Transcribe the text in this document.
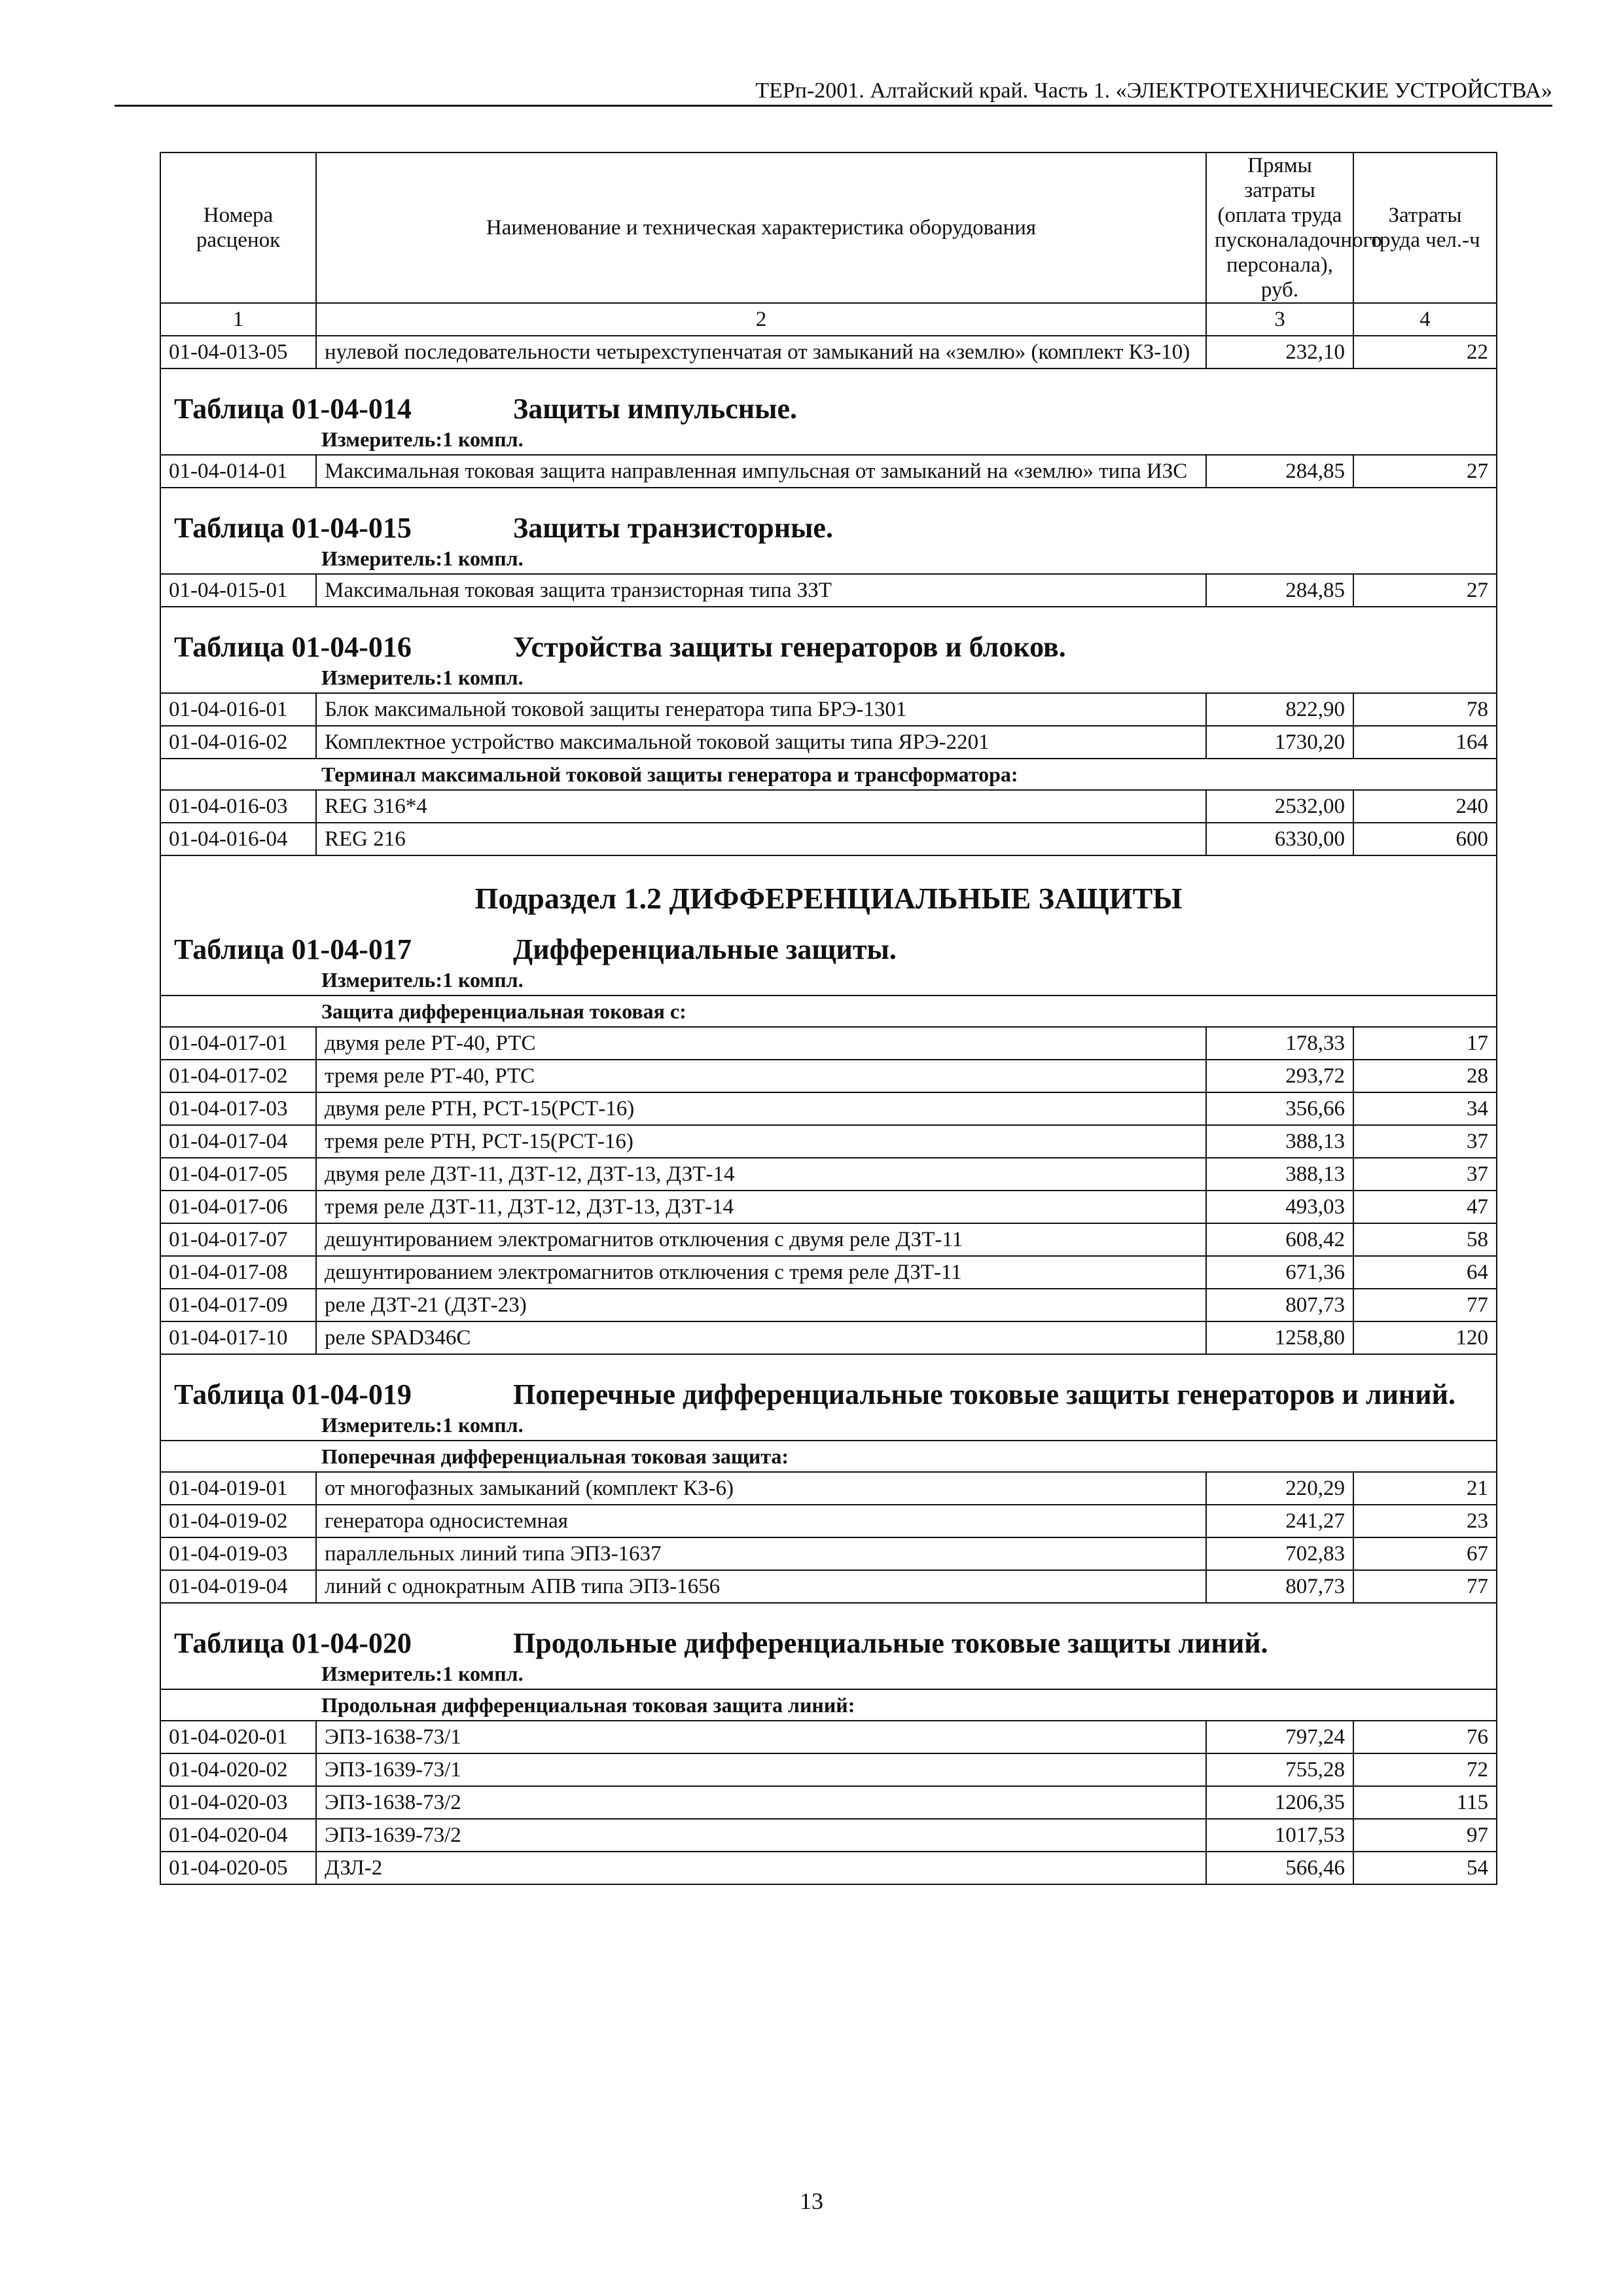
ТЕРп-2001. Алтайский край. Часть 1. «ЭЛЕКТРОТЕХНИЧЕСКИЕ УСТРОЙСТВА»
Номера расценок	Наименование и техническая характеристика оборудования	Прямы затраты (оплата труда пусконаладочного персонала), руб.	Затраты труда чел.-ч
1	2	3	4
01-04-013-05	нулевой последовательности четырехступенчатая от замыканий на «землю» (комплект КЗ-10)	232,10	22

Таблица 01-04-014 Защиты импульсные.			

Измеритель:1 компл.			
01-04-014-01	Максимальная токовая защита направленная импульсная от замыканий на «землю» типа ИЗС	284,85	27

Таблица 01-04-015 Защиты транзисторные.			

Измеритель:1 компл.			
01-04-015-01	Максимальная токовая защита транзисторная типа ЗЗТ	284,85	27

Таблица 01-04-016 Устройства защиты генераторов и блоков.			

Измеритель:1 компл.			
01-04-016-01	Блок максимальной токовой защиты генератора типа БРЭ-1301	822,90	78
01-04-016-02	Комплектное устройство максимальной токовой защиты типа ЯРЭ-2201	1730,20	164
Терминал максимальной токовой защиты генератора и трансформатора:			
01-04-016-03	REG 316*4	2532,00	240
01-04-016-04	REG 216	6330,00	600
Подраздел 1.2 ДИФФЕРЕНЦИАЛЬНЫЕ ЗАЩИТЫ			

Таблица 01-04-017 Дифференциальные защиты.			

Измеритель:1 компл.			
Защита дифференциальная токовая с:			
01-04-017-01	двумя реле РТ-40, РТС	178,33	17
01-04-017-02	тремя реле РТ-40, РТС	293,72	28
01-04-017-03	двумя реле РТН, РСТ-15(РСТ-16)	356,66	34
01-04-017-04	тремя реле РТН, РСТ-15(РСТ-16)	388,13	37
01-04-017-05	двумя реле ДЗТ-11, ДЗТ-12, ДЗТ-13, ДЗТ-14	388,13	37
01-04-017-06	тремя реле ДЗТ-11, ДЗТ-12, ДЗТ-13, ДЗТ-14	493,03	47
01-04-017-07	дешунтированием электромагнитов отключения с двумя реле ДЗТ-11	608,42	58
01-04-017-08	дешунтированием электромагнитов отключения с тремя реле ДЗТ-11	671,36	64
01-04-017-09	реле ДЗТ-21 (ДЗТ-23)	807,73	77
01-04-017-10	реле SPAD346C	1258,80	120

Таблица 01-04-019 Поперечные дифференциальные токовые защиты генераторов и линий.			

Измеритель:1 компл.			
Поперечная дифференциальная токовая защита:			
01-04-019-01	от многофазных замыканий (комплект КЗ-6)	220,29	21
01-04-019-02	генератора односистемная	241,27	23
01-04-019-03	параллельных линий типа ЭПЗ-1637	702,83	67
01-04-019-04	линий с однократным АПВ типа ЭПЗ-1656	807,73	77

Таблица 01-04-020 Продольные дифференциальные токовые защиты линий.			

Измеритель:1 компл.			
Продольная дифференциальная токовая защита линий:			
01-04-020-01	ЭПЗ-1638-73/1	797,24	76
01-04-020-02	ЭПЗ-1639-73/1	755,28	72
01-04-020-03	ЭПЗ-1638-73/2	1206,35	115
01-04-020-04	ЭПЗ-1639-73/2	1017,53	97
01-04-020-05	ДЗЛ-2	566,46	54
13
